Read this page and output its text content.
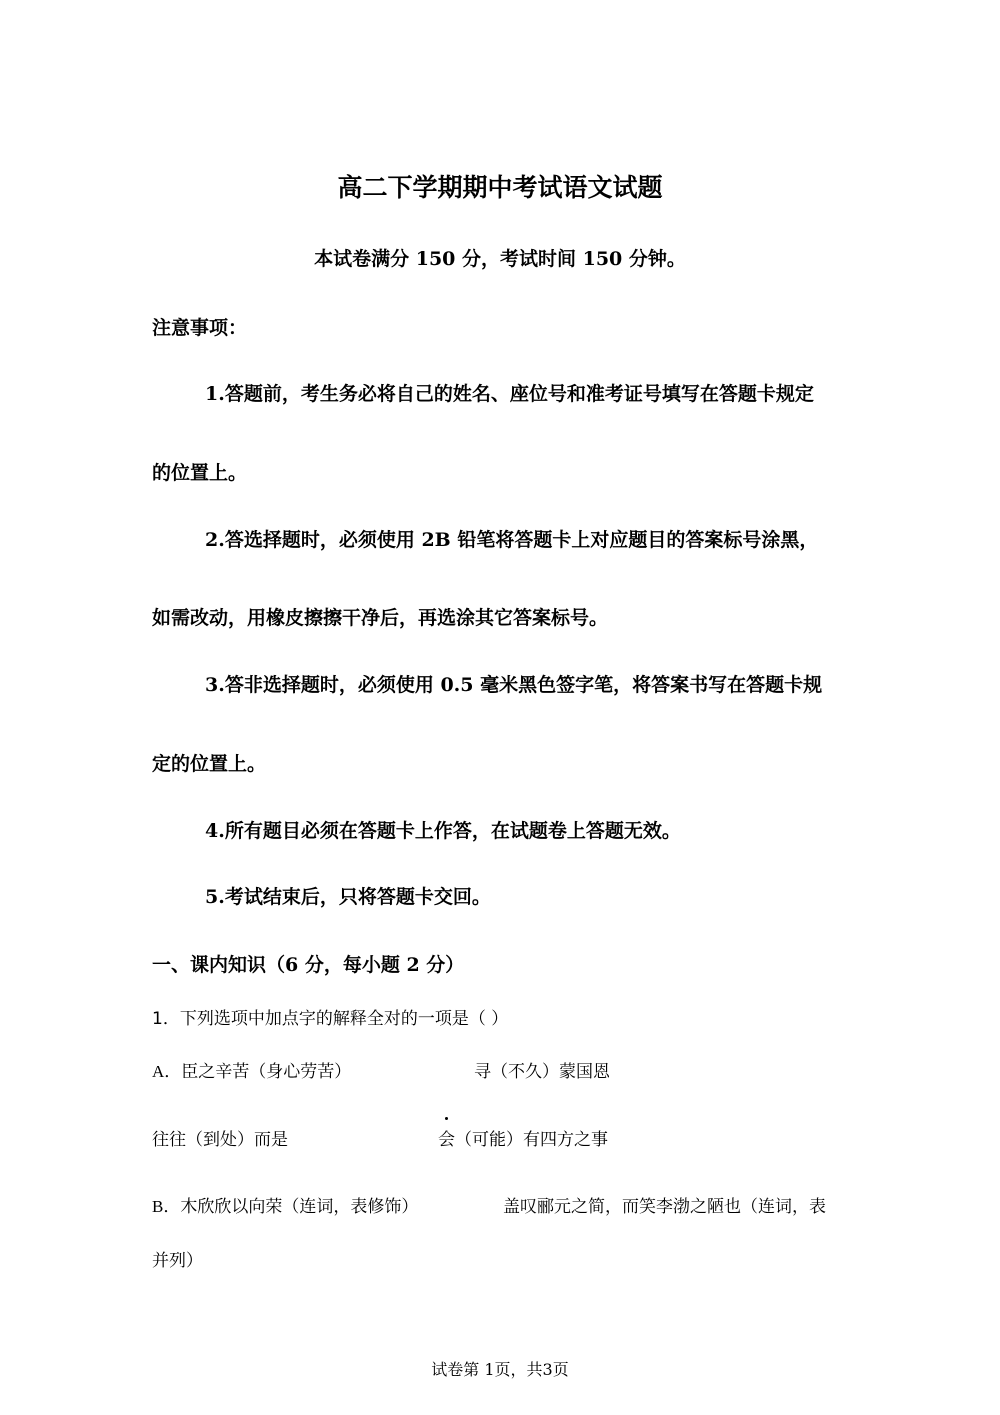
高二下学期期中考试语文试题
本试卷满分 150 分，考试时间 150 分钟。
注意事项：
1.答题前，考生务必将自己的姓名、座位号和准考证号填写在答题卡规定
的位置上。
2.答选择题时，必须使用 2B 铅笔将答题卡上对应题目的答案标号涂黑，
如需改动，用橡皮擦擦干净后，再选涂其它答案标号。
3.答非选择题时，必须使用 0.5 毫米黑色签字笔，将答案书写在答题卡规
定的位置上。
4.所有题目必须在答题卡上作答，在试题卷上答题无效。
5.考试结束后，只将答题卡交回。
一、课内知识（6 分，每小题 2 分）
1．下列选项中加点字的解释全对的一项是（ ）
A．臣之辛苦（身心劳苦）	寻（不久）蒙国恩
往往（到处）而是	会（可能）有四方之事
B．木欣欣以向荣（连词，表修饰）	盖叹郦元之简，而笑李渤之陋也（连词，表
并列）
试卷第 1页，共3页
